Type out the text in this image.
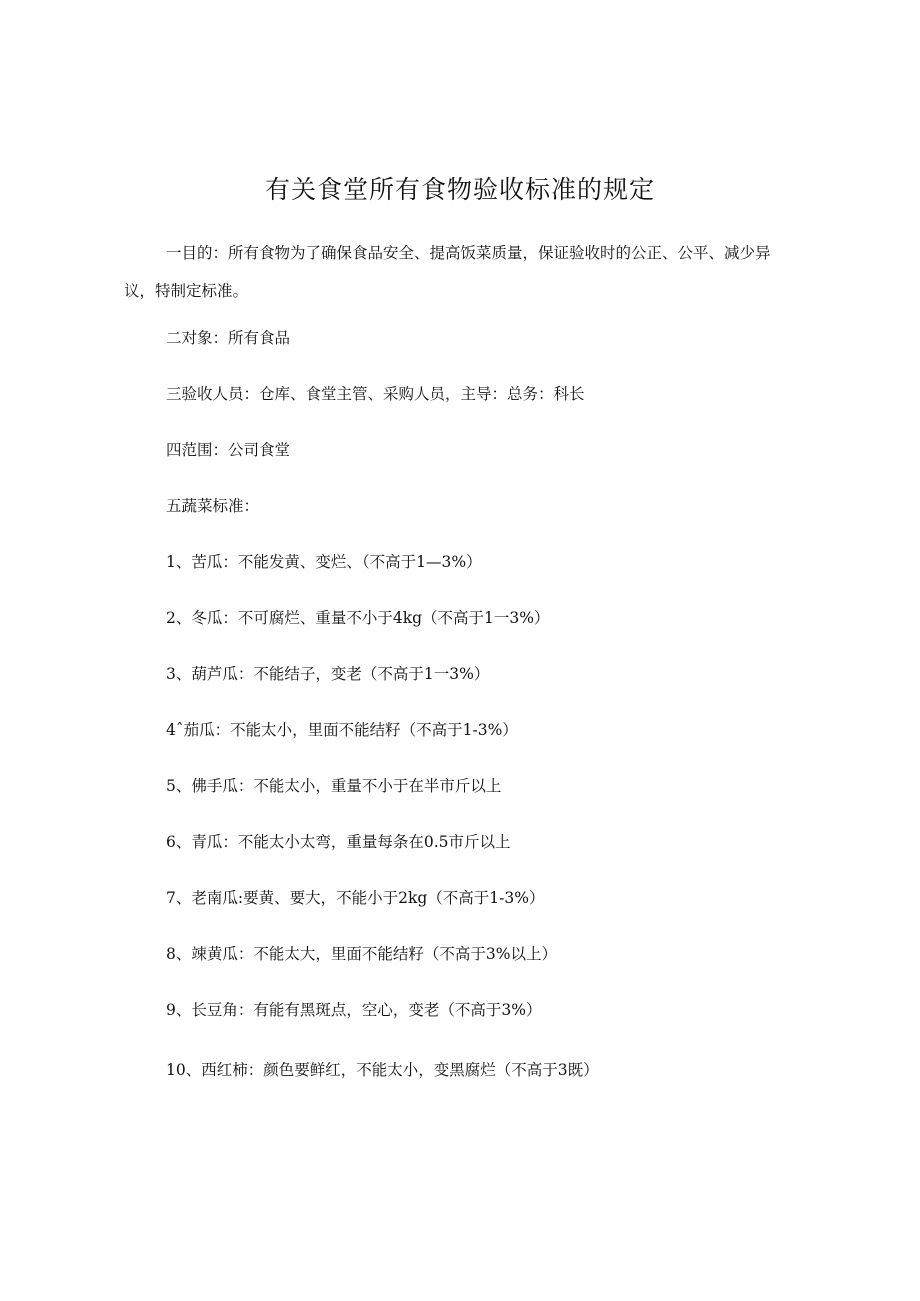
有关食堂所有食物验收标准的规定

一目的：所有食物为了确保食品安全、提高饭菜质量，保证验收时的公正、公平、减少异议，特制定标准。

二对象：所有食品

三验收人员：仓库、食堂主管、采购人员，主导：总务：科长

四范围：公司食堂

五蔬菜标准：

1、苦瓜：不能发黄、变烂、（不高于1—3%）

2、冬瓜：不可腐烂、重量不小于4kg（不高于1一3%）

3、葫芦瓜：不能结子，变老（不高于1一3%）

4ˆ茄瓜：不能太小，里面不能结籽（不高于1-3%）

5、佛手瓜：不能太小，重量不小于在半市斤以上

6、青瓜：不能太小太弯，重量每条在0.5市斤以上

7、老南瓜:要黄、要大，不能小于2kg（不高于1-3%）

8、竦黄瓜：不能太大，里面不能结籽（不高于3%以上）

9、长豆角：有能有黑斑点，空心，变老（不高于3%）

10、西红柿：颜色要鲜红，不能太小，变黑腐烂（不高于3既）
